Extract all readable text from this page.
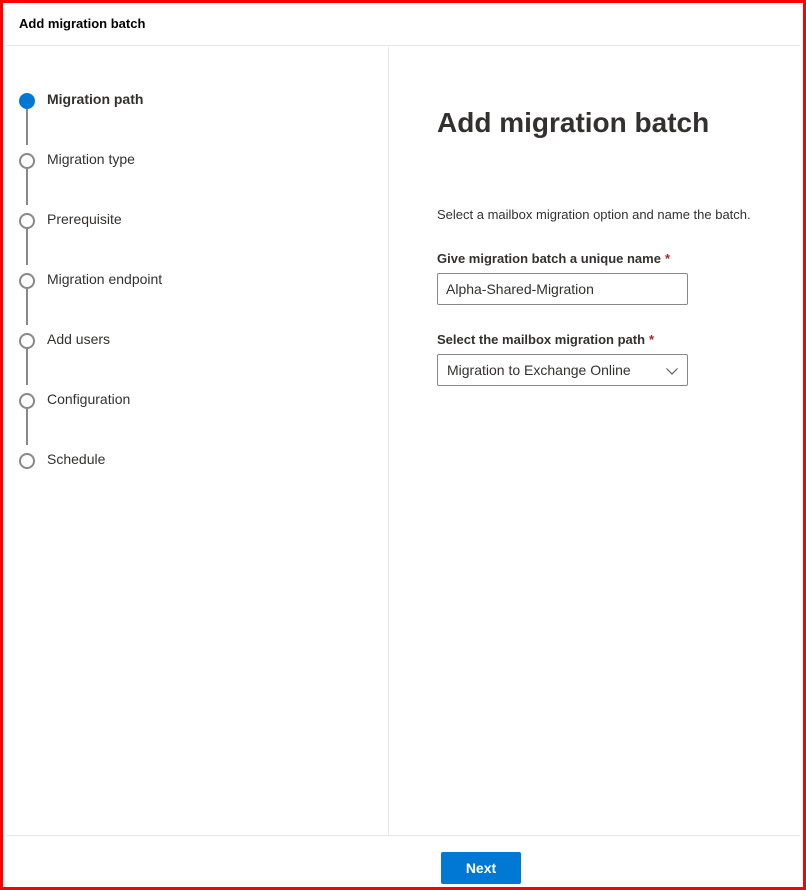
Add migration batch
Migration path
Migration type
Prerequisite
Migration endpoint
Add users
Configuration
Schedule
Add migration batch
Select a mailbox migration option and name the batch.
Give migration batch a unique name *
Alpha-Shared-Migration
Select the mailbox migration path *
Migration to Exchange Online
Next
